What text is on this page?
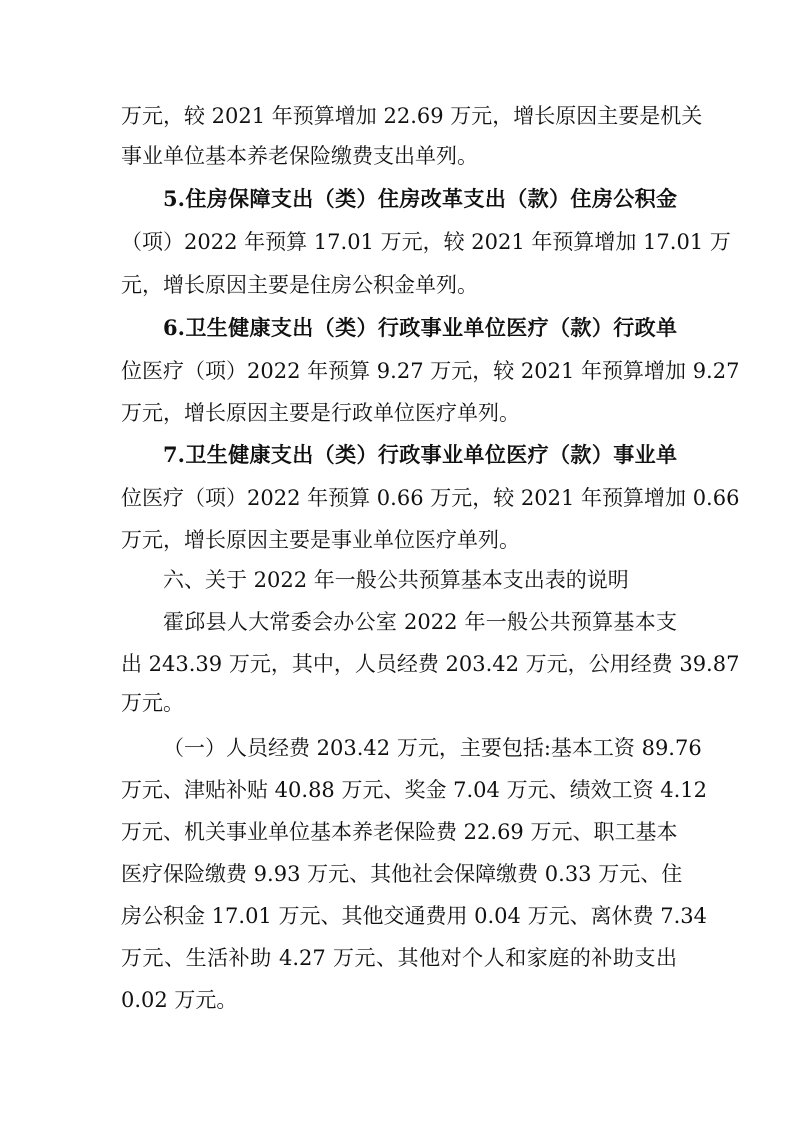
万元，较 2021 年预算增加 22.69 万元，增长原因主要是机关
事业单位基本养老保险缴费支出单列。
5.住房保障支出（类）住房改革支出（款）住房公积金
（项）2022 年预算 17.01 万元，较 2021 年预算增加 17.01 万
元，增长原因主要是住房公积金单列。
6.卫生健康支出（类）行政事业单位医疗（款）行政单
位医疗（项）2022 年预算 9.27 万元，较 2021 年预算增加 9.27
万元，增长原因主要是行政单位医疗单列。
7.卫生健康支出（类）行政事业单位医疗（款）事业单
位医疗（项）2022 年预算 0.66 万元，较 2021 年预算增加 0.66
万元，增长原因主要是事业单位医疗单列。
六、关于 2022 年一般公共预算基本支出表的说明
霍邱县人大常委会办公室 2022 年一般公共预算基本支
出 243.39 万元，其中，人员经费 203.42 万元，公用经费 39.87
万元。
（一）人员经费 203.42 万元，主要包括:基本工资 89.76
万元、津贴补贴 40.88 万元、奖金 7.04 万元、绩效工资 4.12
万元、机关事业单位基本养老保险费 22.69 万元、职工基本
医疗保险缴费 9.93 万元、其他社会保障缴费 0.33 万元、住
房公积金 17.01 万元、其他交通费用 0.04 万元、离休费 7.34
万元、生活补助 4.27 万元、其他对个人和家庭的补助支出
0.02 万元。
